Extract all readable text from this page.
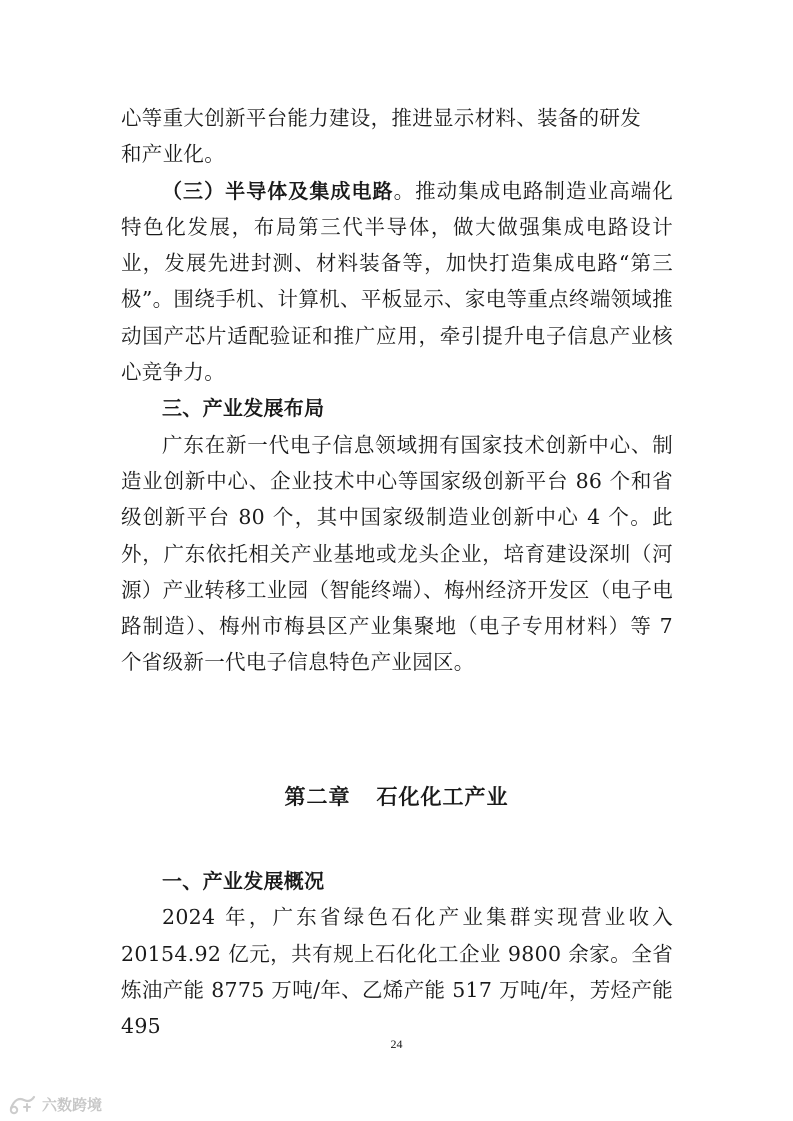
心等重大创新平台能力建设，推进显示材料、装备的研发
和产业化。

（三）半导体及集成电路。推动集成电路制造业高端化特色化发展，布局第三代半导体，做大做强集成电路设计业，发展先进封测、材料装备等，加快打造集成电路“第三极”。围绕手机、计算机、平板显示、家电等重点终端领域推动国产芯片适配验证和推广应用，牵引提升电子信息产业核心竞争力。

三、产业发展布局

广东在新一代电子信息领域拥有国家技术创新中心、制造业创新中心、企业技术中心等国家级创新平台 86 个和省级创新平台 80 个，其中国家级制造业创新中心 4 个。此外，广东依托相关产业基地或龙头企业，培育建设深圳（河源）产业转移工业园（智能终端）、梅州经济开发区（电子电路制造）、梅州市梅县区产业集聚地（电子专用材料）等 7 个省级新一代电子信息特色产业园区。

第二章 石化化工产业

一、产业发展概况

2024 年，广东省绿色石化产业集群实现营业收入 20154.92 亿元，共有规上石化化工企业 9800 余家。全省炼油产能 8775 万吨/年、乙烯产能 517 万吨/年，芳烃产能 495

24
六数跨境
